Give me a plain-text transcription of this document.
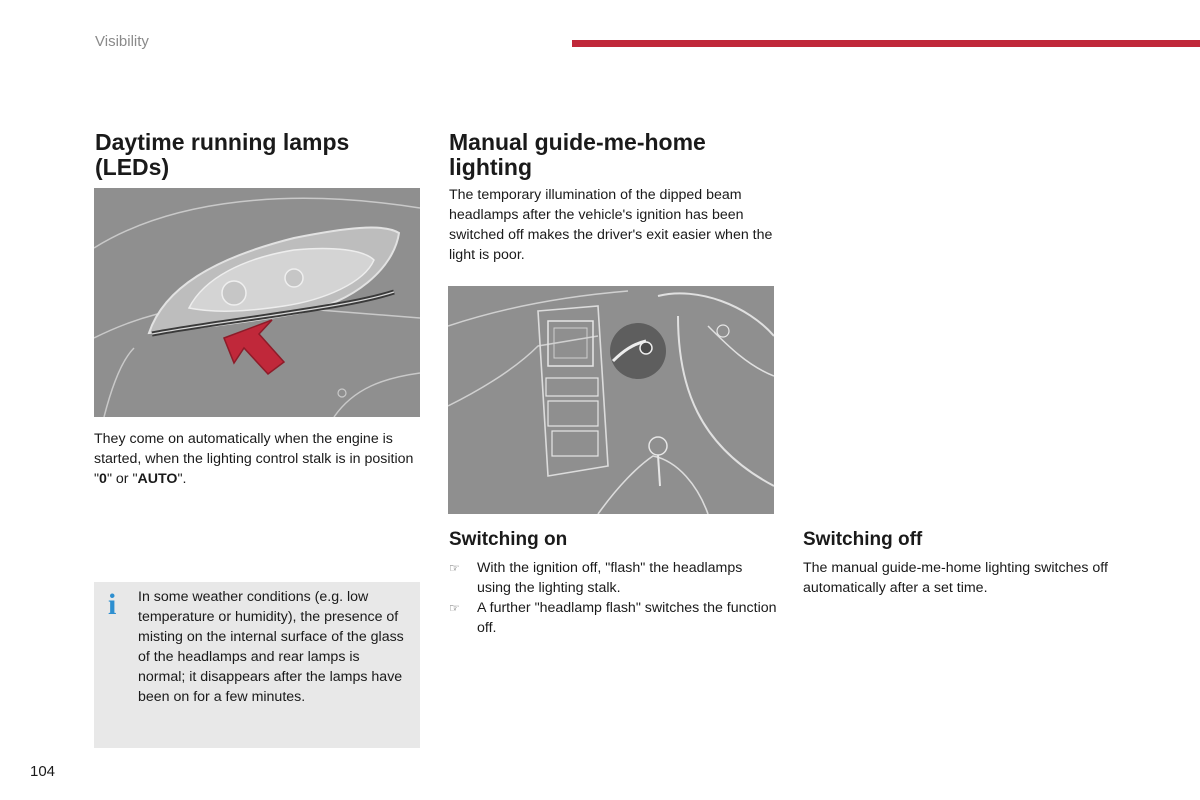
Visibility
Daytime running lamps (LEDs)

They come on automatically when the engine is started, when the lighting control stalk is in position "0" or "AUTO".

i In some weather conditions (e.g. low temperature or humidity), the presence of misting on the internal surface of the glass of the headlamps and rear lamps is normal; it disappears after the lamps have been on for a few minutes.

Manual guide-me-home lighting

The temporary illumination of the dipped beam headlamps after the vehicle's ignition has been switched off makes the driver's exit easier when the light is poor.

Switching on
☞ With the ignition off, "flash" the headlamps using the lighting stalk.
☞ A further "headlamp flash" switches the function off.
Switching off

The manual guide-me-home lighting switches off automatically after a set time.

104
